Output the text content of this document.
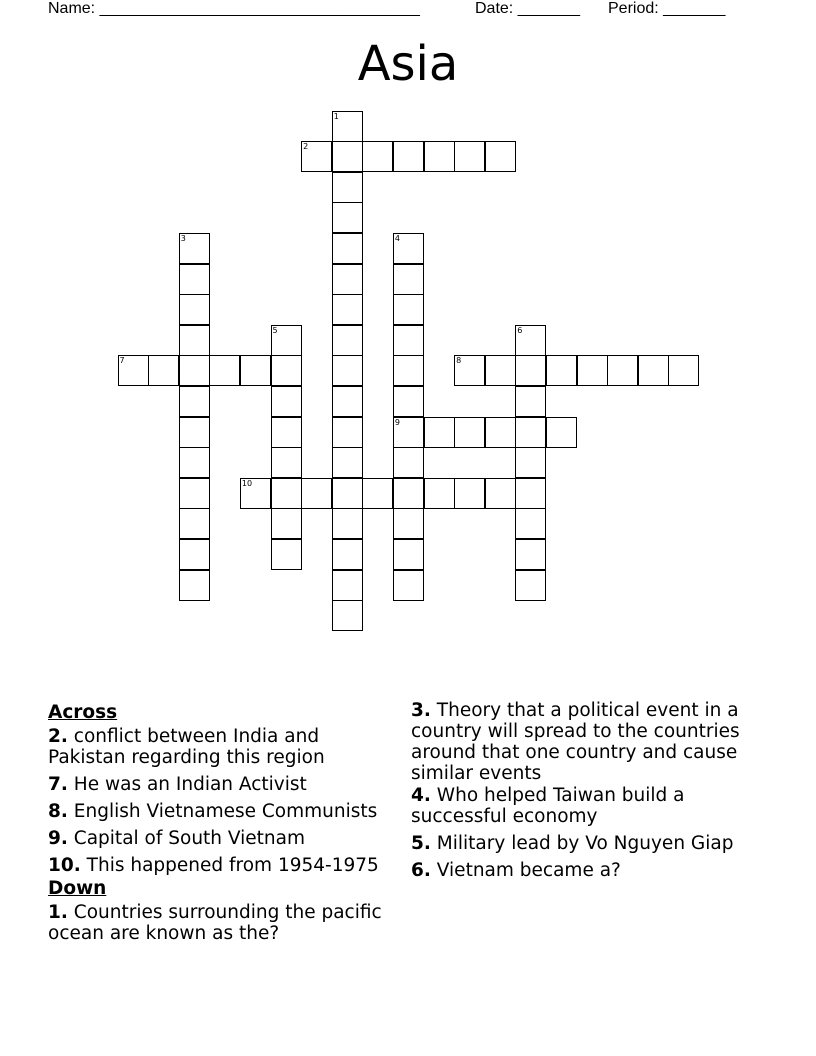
Name: ____________________________________	Date: _______ Period: _______
Asia
1
2
3	4
9
5	6
7	8
10
Across
2. conflict between India and Pakistan regarding this region
7. He was an Indian Activist
8. English Vietnamese Communists
9. Capital of South Vietnam
10. This happened from 1954-1975
Down
1. Countries surrounding the pacific ocean are known as the?
3. Theory that a political event in a country will spread to the countries around that one country and cause similar events
4. Who helped Taiwan build a successful economy
5. Military lead by Vo Nguyen Giap
6. Vietnam became a?
